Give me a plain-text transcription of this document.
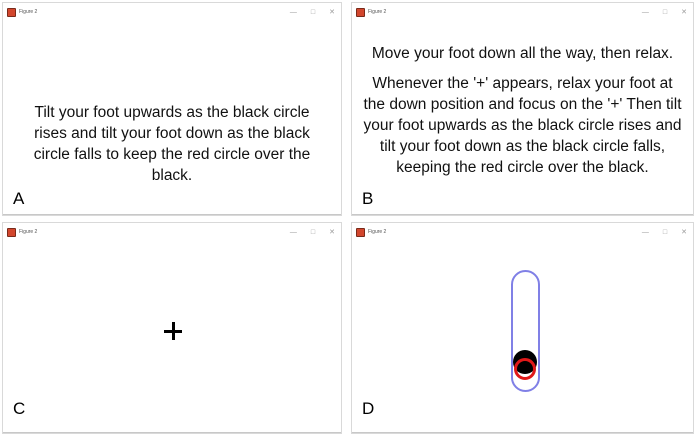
Figure 2	— □ ✕
Tilt your foot upwards as the black circle rises and tilt your foot down as the black circle falls to keep the red circle over the black.
A
Figure 2	— □ ✕
Move your foot down all the way, then relax.
Whenever the '+' appears, relax your foot at the down position and focus on the '+' Then tilt your foot upwards as the black circle rises and tilt your foot down as the black circle falls, keeping the red circle over the black.
B
Figure 2	— □ ✕
C
Figure 2	— □ ✕
D
